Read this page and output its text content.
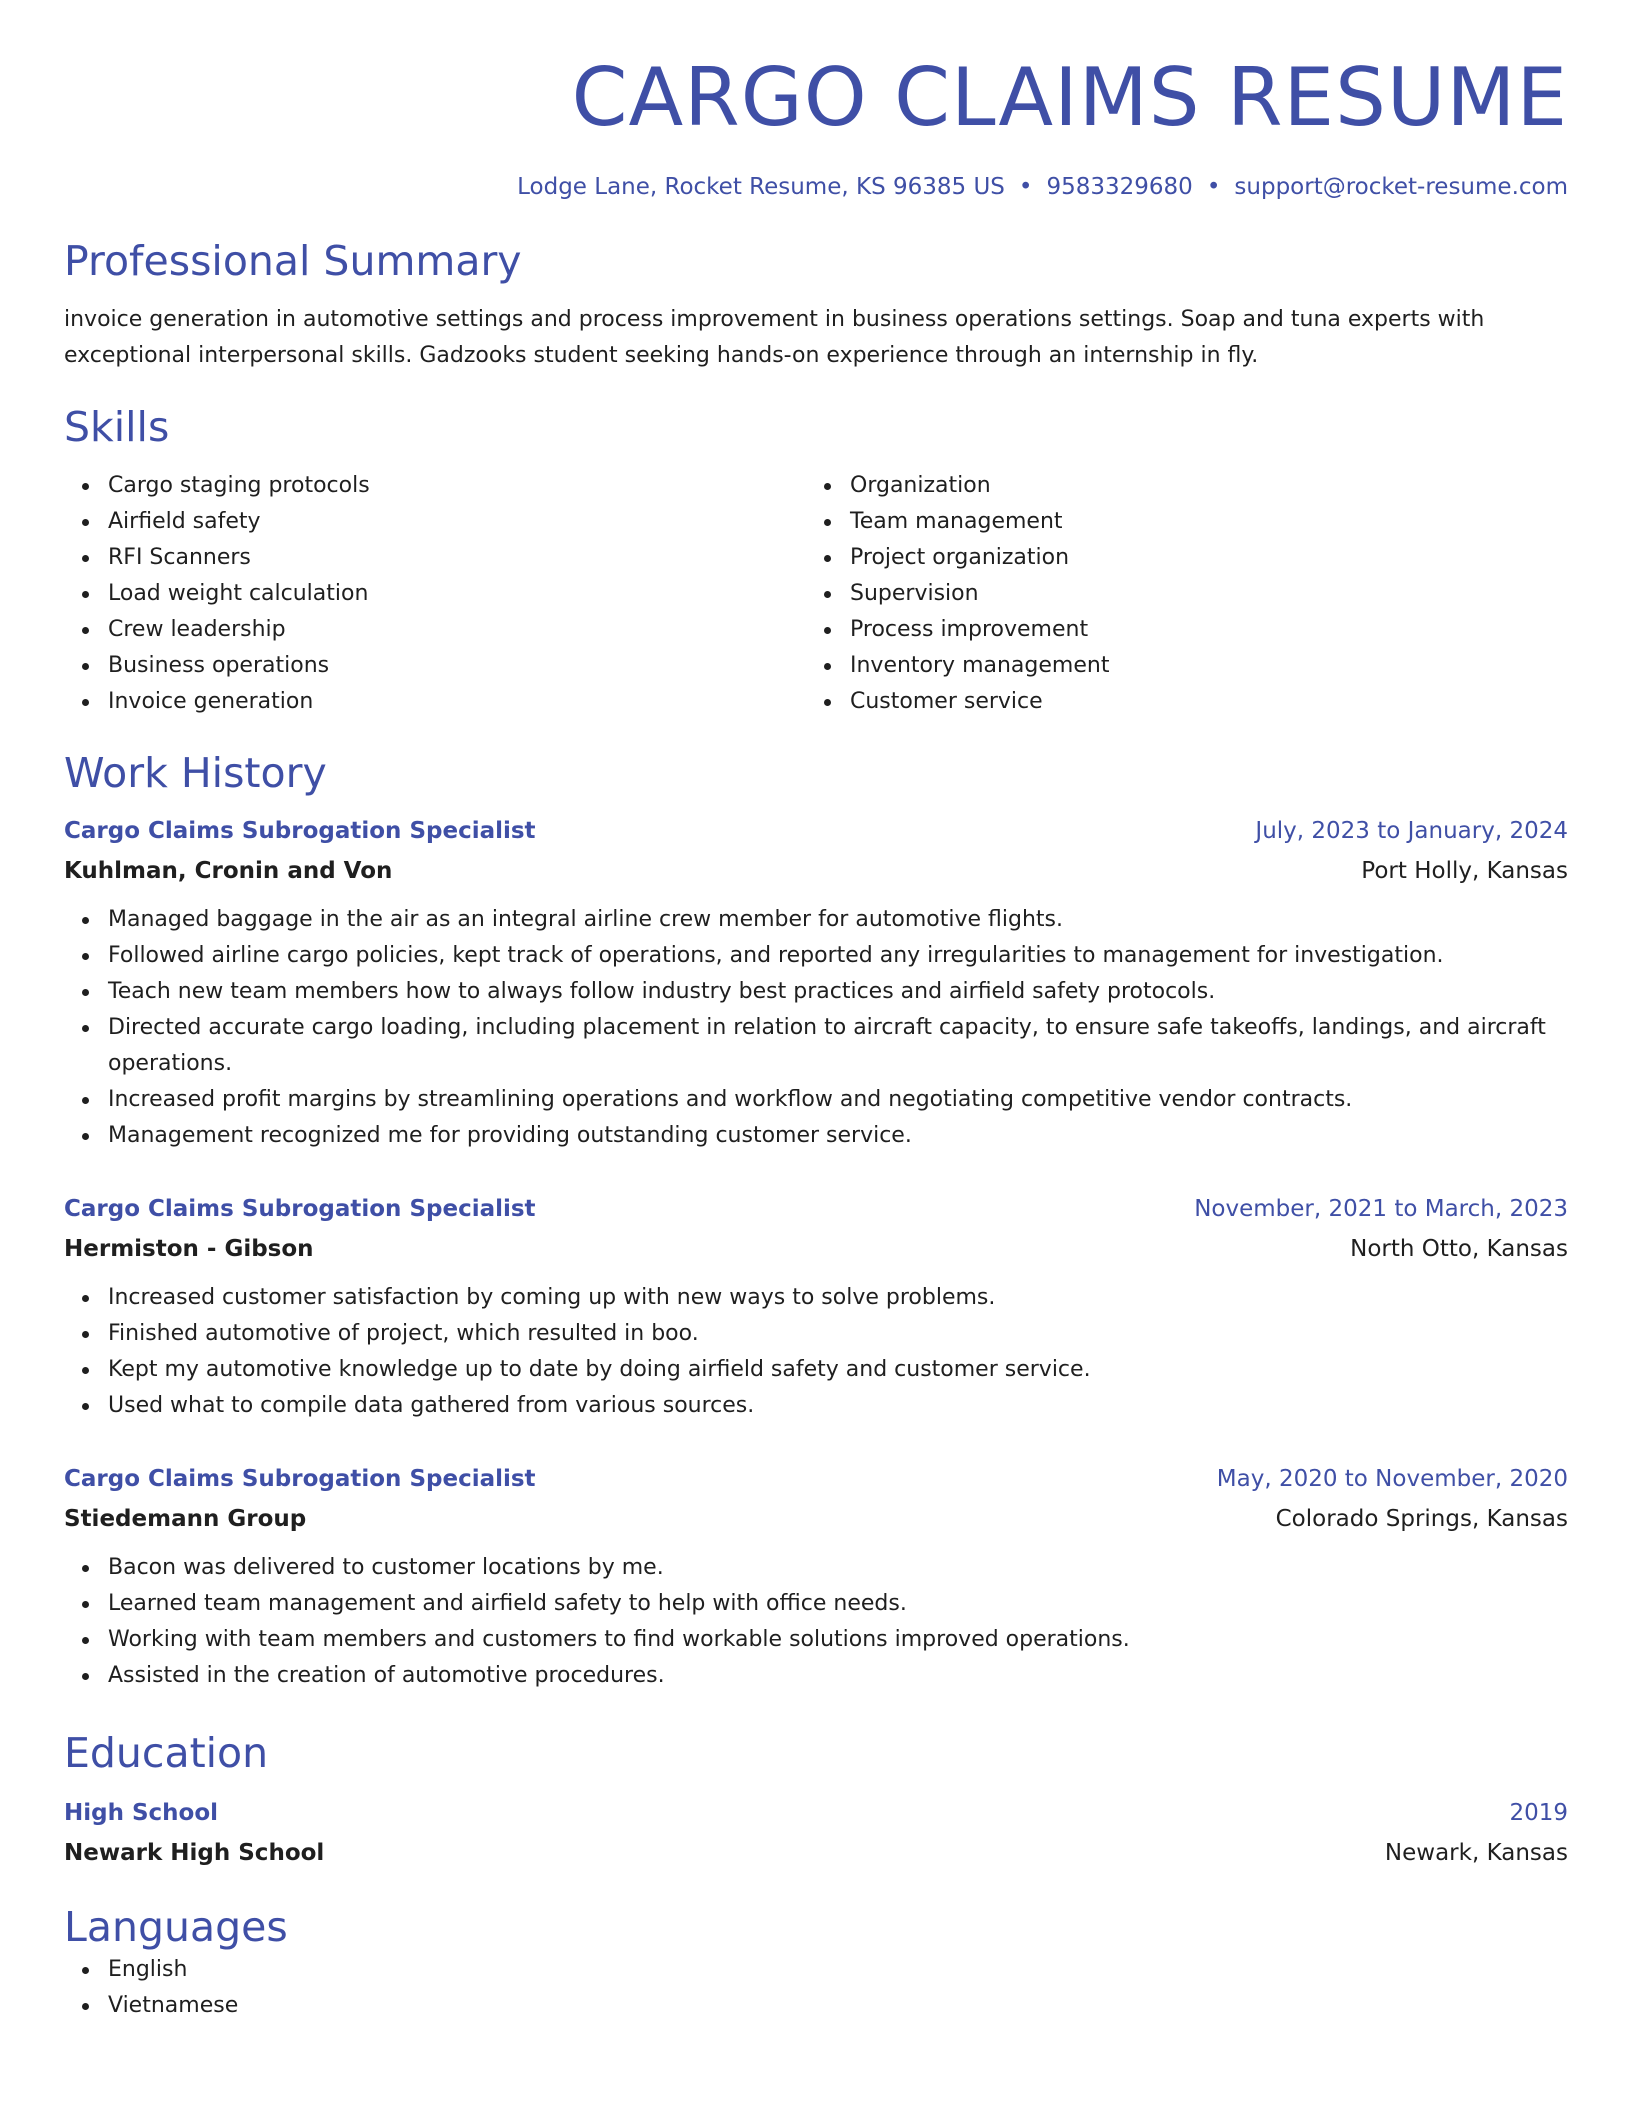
CARGO CLAIMS RESUME
Lodge Lane, Rocket Resume, KS 96385 US • 9583329680 • support@rocket-resume.com
Professional Summary
invoice generation in automotive settings and process improvement in business operations settings. Soap and tuna experts with exceptional interpersonal skills. Gadzooks student seeking hands-on experience through an internship in fly.
Skills
Cargo staging protocols
Airfield safety
RFI Scanners
Load weight calculation
Crew leadership
Business operations
Invoice generation
Organization
Team management
Project organization
Supervision
Process improvement
Inventory management
Customer service
Work History
Cargo Claims Subrogation Specialist	July, 2023 to January, 2024
Kuhlman, Cronin and Von	Port Holly, Kansas
Managed baggage in the air as an integral airline crew member for automotive flights.
Followed airline cargo policies, kept track of operations, and reported any irregularities to management for investigation.
Teach new team members how to always follow industry best practices and airfield safety protocols.
Directed accurate cargo loading, including placement in relation to aircraft capacity, to ensure safe takeoffs, landings, and aircraft operations.
Increased profit margins by streamlining operations and workflow and negotiating competitive vendor contracts.
Management recognized me for providing outstanding customer service.
Cargo Claims Subrogation Specialist	November, 2021 to March, 2023
Hermiston - Gibson	North Otto, Kansas
Increased customer satisfaction by coming up with new ways to solve problems.
Finished automotive of project, which resulted in boo.
Kept my automotive knowledge up to date by doing airfield safety and customer service.
Used what to compile data gathered from various sources.
Cargo Claims Subrogation Specialist	May, 2020 to November, 2020
Stiedemann Group	Colorado Springs, Kansas
Bacon was delivered to customer locations by me.
Learned team management and airfield safety to help with office needs.
Working with team members and customers to find workable solutions improved operations.
Assisted in the creation of automotive procedures.
Education
High School	2019
Newark High School	Newark, Kansas
Languages
English
Vietnamese
